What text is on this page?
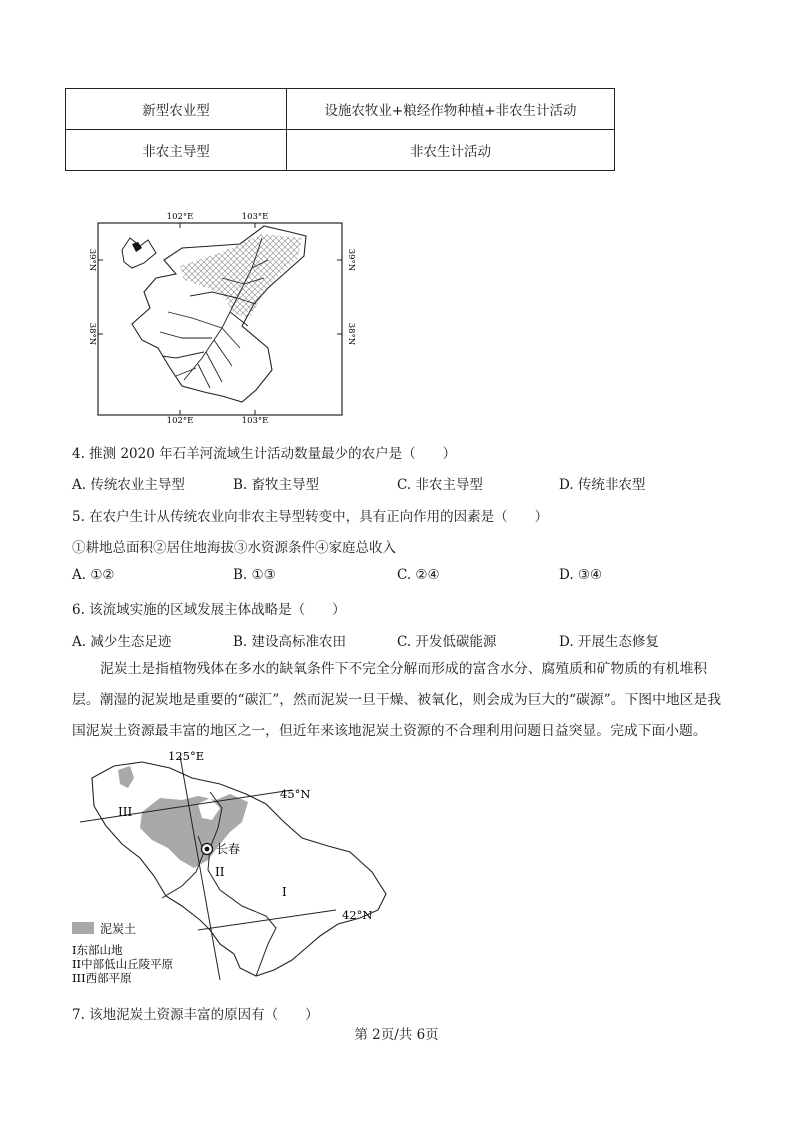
新型农业型	设施农牧业+粮经作物种植+非农生计活动
非农主导型	非农生计活动
102°E	103°E
102°E	103°E
39°N
38°N
39°N
38°N
4. 推测 2020 年石羊河流域生计活动数量最少的农户是（　　）
A. 传统农业主导型	B. 畜牧主导型	C. 非农主导型	D. 传统非农型
5. 在农户生计从传统农业向非农主导型转变中，具有正向作用的因素是（　　）
①耕地总面积②居住地海拔③水资源条件④家庭总收入
A. ①②	B. ①③	C. ②④	D. ③④
6. 该流域实施的区域发展主体战略是（　　）
A. 减少生态足迹	B. 建设高标准农田	C. 开发低碳能源	D. 开展生态修复

泥炭土是指植物残体在多水的缺氧条件下不完全分解而形成的富含水分、腐殖质和矿物质的有机堆积

层。潮湿的泥炭地是重要的“碳汇”，然而泥炭一旦干燥、被氧化，则会成为巨大的“碳源”。下图中地区是我

国泥炭土资源最丰富的地区之一，但近年来该地泥炭土资源的不合理利用问题日益突显。完成下面小题。

长春
125°E
45°N
42°N
III
II
I
泥炭土
I东部山地
II中部低山丘陵平原
III西部平原
7. 该地泥炭土资源丰富的原因有（　　）
第 2页/共 6页
